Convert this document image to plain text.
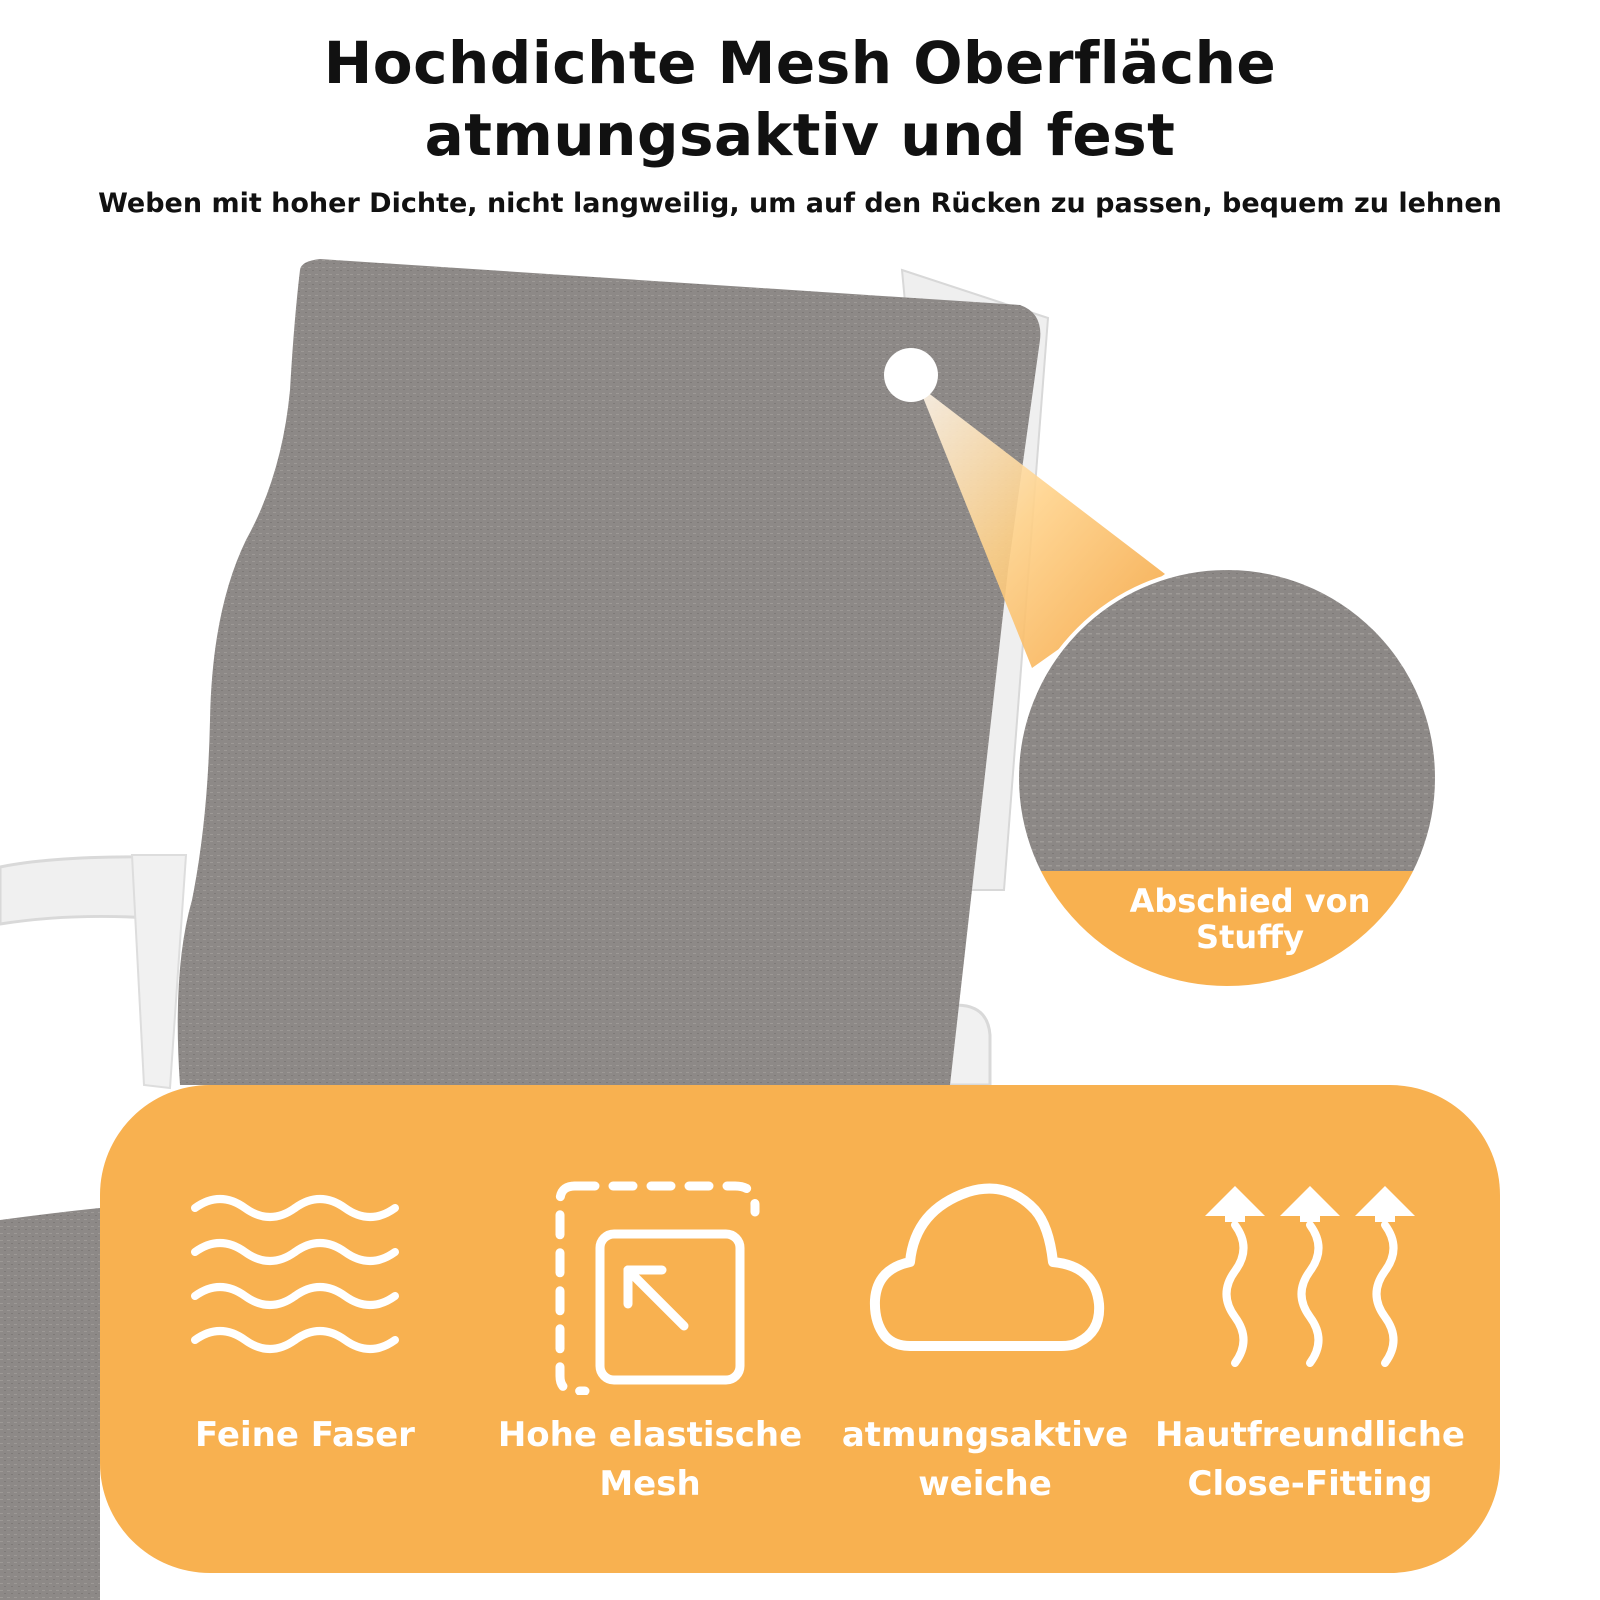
Hochdichte Mesh Oberfläche
atmungsaktiv und fest
Weben mit hoher Dichte, nicht langweilig, um auf den Rücken zu passen, bequem zu lehnen
Abschied von
Stuffy
Feine Faser	Hohe elastische
Mesh
atmungsaktive
weiche
Hautfreundliche
Close-Fitting
